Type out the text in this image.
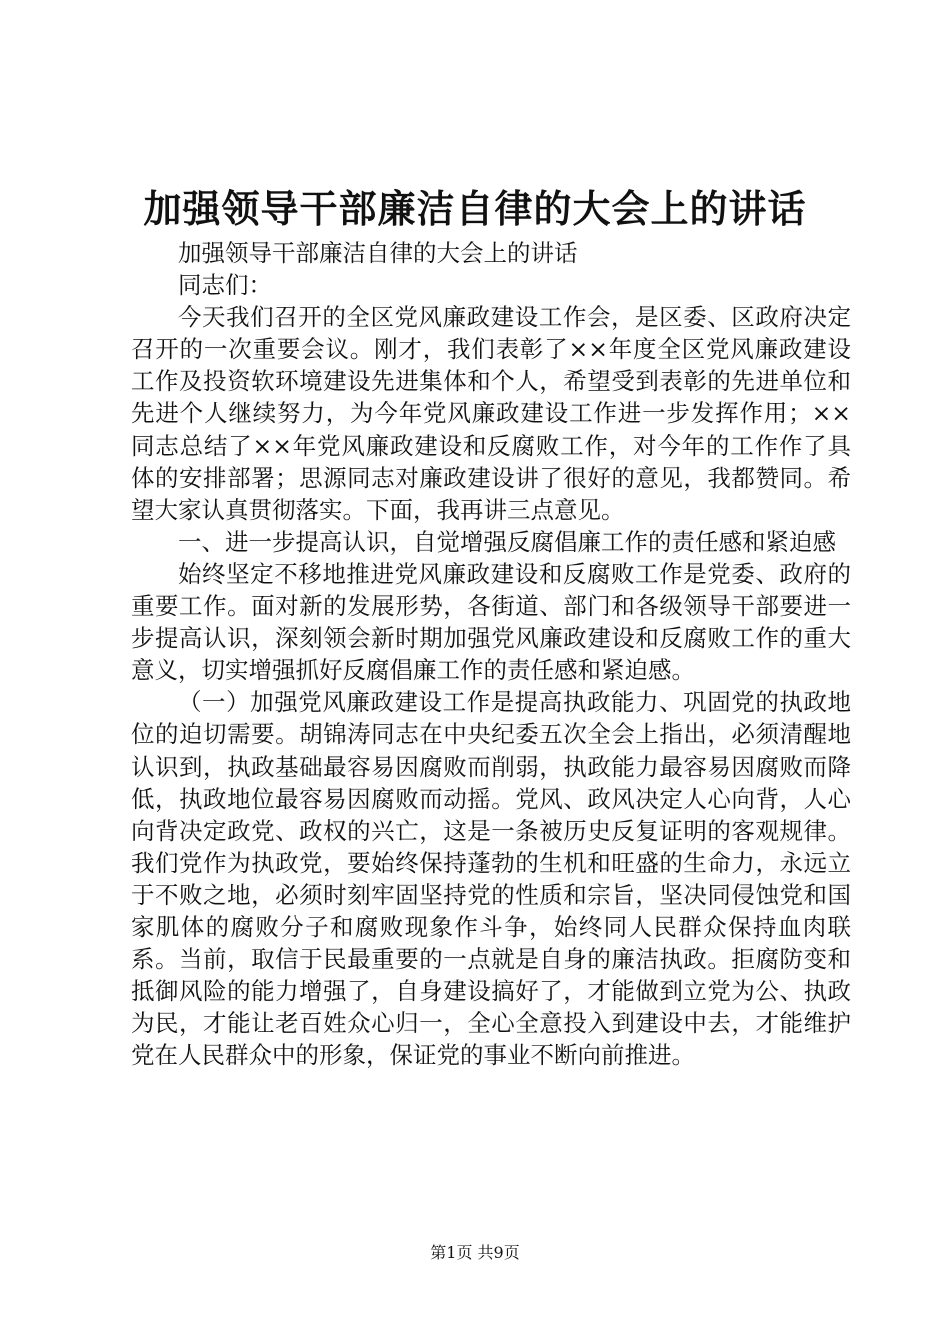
加强领导干部廉洁自律的大会上的讲话

加强领导干部廉洁自律的大会上的讲话

同志们：

今天我们召开的全区党风廉政建设工作会，是区委、区政府决定召开的一次重要会议。刚才，我们表彰了××年度全区党风廉政建设工作及投资软环境建设先进集体和个人，希望受到表彰的先进单位和先进个人继续努力，为今年党风廉政建设工作进一步发挥作用；××同志总结了××年党风廉政建设和反腐败工作，对今年的工作作了具体的安排部署；思源同志对廉政建设讲了很好的意见，我都赞同。希望大家认真贯彻落实。下面，我再讲三点意见。

一、进一步提高认识，自觉增强反腐倡廉工作的责任感和紧迫感

始终坚定不移地推进党风廉政建设和反腐败工作是党委、政府的重要工作。面对新的发展形势，各街道、部门和各级领导干部要进一步提高认识，深刻领会新时期加强党风廉政建设和反腐败工作的重大意义，切实增强抓好反腐倡廉工作的责任感和紧迫感。

（一）加强党风廉政建设工作是提高执政能力、巩固党的执政地位的迫切需要。胡锦涛同志在中央纪委五次全会上指出，必须清醒地认识到，执政基础最容易因腐败而削弱，执政能力最容易因腐败而降低，执政地位最容易因腐败而动摇。党风、政风决定人心向背，人心向背决定政党、政权的兴亡，这是一条被历史反复证明的客观规律。我们党作为执政党，要始终保持蓬勃的生机和旺盛的生命力，永远立于不败之地，必须时刻牢固坚持党的性质和宗旨，坚决同侵蚀党和国家肌体的腐败分子和腐败现象作斗争，始终同人民群众保持血肉联系。当前，取信于民最重要的一点就是自身的廉洁执政。拒腐防变和抵御风险的能力增强了，自身建设搞好了，才能做到立党为公、执政为民，才能让老百姓众心归一，全心全意投入到建设中去，才能维护党在人民群众中的形象，保证党的事业不断向前推进。

第1页 共9页
